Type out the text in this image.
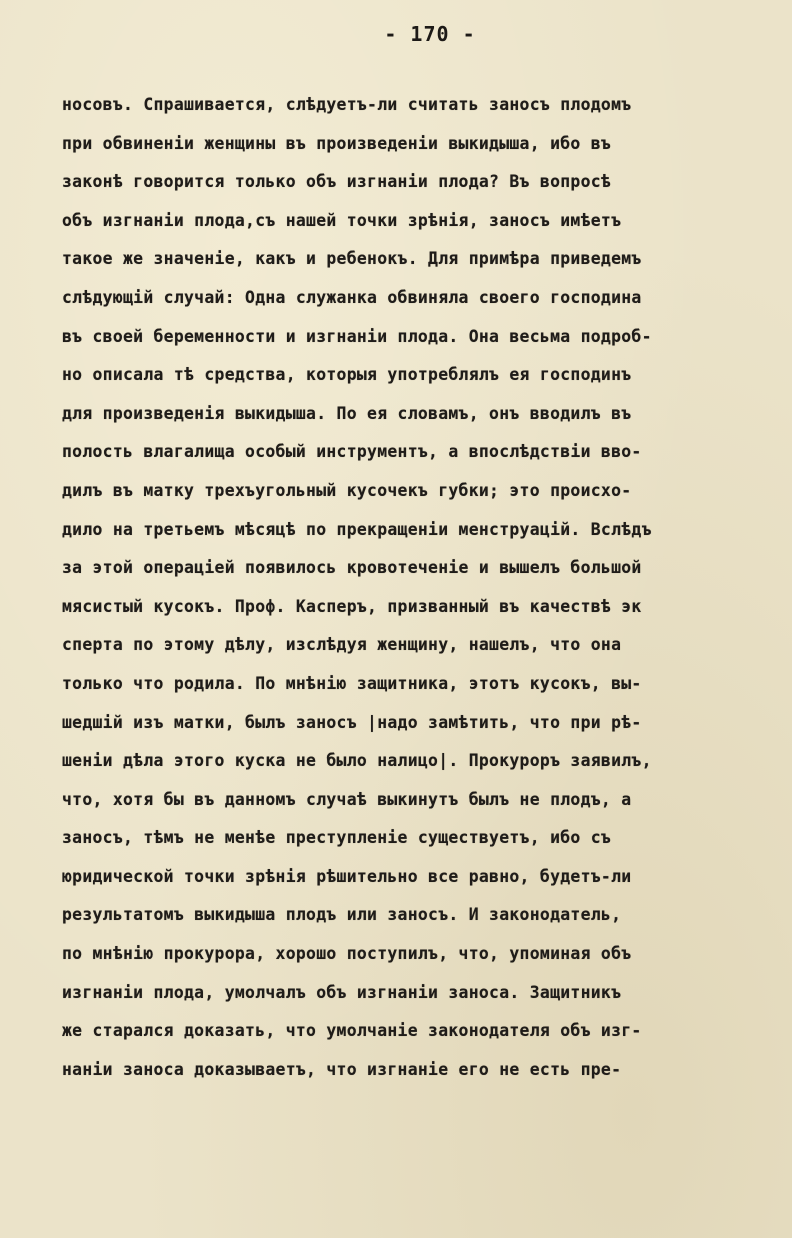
- 170 -
носовъ. Спрашивается, слѣдуетъ-ли считать заносъ плодомъ
при обвиненiи женщины въ произведенiи выкидыша, ибо въ
законѣ говорится только объ изгнанiи плода? Въ вопросѣ
объ изгнанiи плода,съ нашей точки зрѣнiя, заносъ имѣетъ
такое же значенiе, какъ и ребенокъ. Для примѣра приведемъ
слѣдующiй случай: Одна служанка обвиняла своего господина
въ своей беременности и изгнанiи плода. Она весьма подроб-
но описала тѣ средства, которыя употреблялъ ея господинъ
для произведенiя выкидыша. По ея словамъ, онъ вводилъ въ
полость влагалища особый инструментъ, а впослѣдствiи вво-
дилъ въ матку трехъугольный кусочекъ губки; это происхо-
дило на третьемъ мѣсяцѣ по прекращенiи менструацiй. Вслѣдъ
за этой операцiей появилось кровотеченiе и вышелъ большой
мясистый кусокъ. Проф. Касперъ, призванный въ качествѣ эк
сперта по этому дѣлу, изслѣдуя женщину, нашелъ, что она
только что родила. По мнѣнiю защитника, этотъ кусокъ, вы-
шедшiй изъ матки, былъ заносъ |надо замѣтить, что при рѣ-
шенiи дѣла этого куска не было налицо|. Прокуроръ заявилъ,
что, хотя бы въ данномъ случаѣ выкинутъ былъ не плодъ, а
заносъ, тѣмъ не менѣе преступленiе существуетъ, ибо съ
юридической точки зрѣнiя рѣшительно все равно, будетъ-ли
результатомъ выкидыша плодъ или заносъ. И законодатель,
по мнѣнiю прокурора, хорошо поступилъ, что, упоминая объ
изгнанiи плода, умолчалъ объ изгнанiи заноса. Защитникъ
же старался доказать, что умолчанiе законодателя объ изг-
нанiи заноса доказываетъ, что изгнанiе его не есть пре-
